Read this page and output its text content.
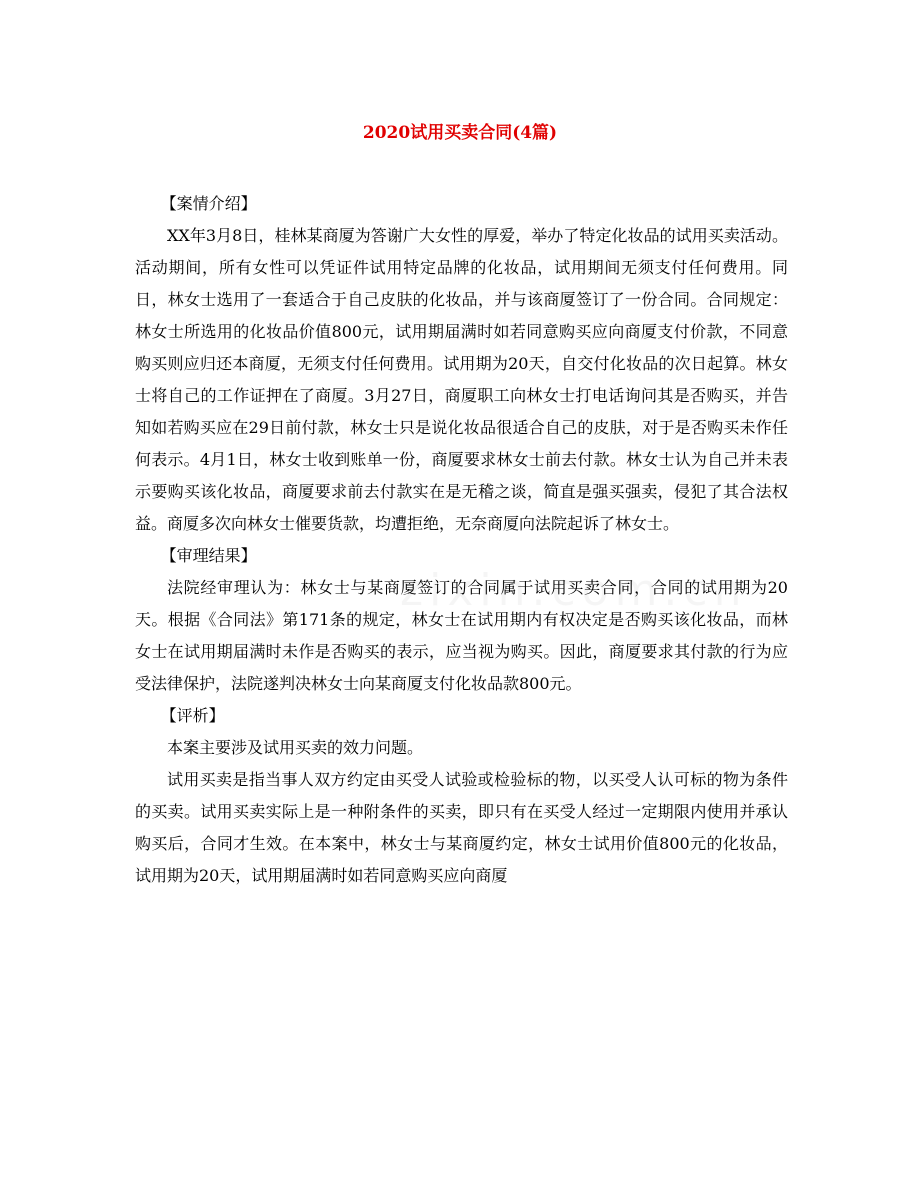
2020试用买卖合同(4篇)

【案情介绍】

XX年3月8日，桂林某商厦为答谢广大女性的厚爱，举办了特定化妆品的试用买卖活动。活动期间，所有女性可以凭证件试用特定品牌的化妆品，试用期间无须支付任何费用。同日，林女士选用了一套适合于自己皮肤的化妆品，并与该商厦签订了一份合同。合同规定：林女士所选用的化妆品价值800元，试用期届满时如若同意购买应向商厦支付价款，不同意购买则应归还本商厦，无须支付任何费用。试用期为20天，自交付化妆品的次日起算。林女士将自己的工作证押在了商厦。3月27日，商厦职工向林女士打电话询问其是否购买，并告知如若购买应在29日前付款，林女士只是说化妆品很适合自己的皮肤，对于是否购买未作任何表示。4月1日，林女士收到账单一份，商厦要求林女士前去付款。林女士认为自己并未表示要购买该化妆品，商厦要求前去付款实在是无稽之谈，简直是强买强卖，侵犯了其合法权益。商厦多次向林女士催要货款，均遭拒绝，无奈商厦向法院起诉了林女士。

【审理结果】

法院经审理认为：林女士与某商厦签订的合同属于试用买卖合同，合同的试用期为20天。根据《合同法》第171条的规定，林女士在试用期内有权决定是否购买该化妆品，而林女士在试用期届满时未作是否购买的表示，应当视为购买。因此，商厦要求其付款的行为应受法律保护，法院遂判决林女士向某商厦支付化妆品款800元。

【评析】

本案主要涉及试用买卖的效力问题。

试用买卖是指当事人双方约定由买受人试验或检验标的物，以买受人认可标的物为条件的买卖。试用买卖实际上是一种附条件的买卖，即只有在买受人经过一定期限内使用并承认购买后，合同才生效。在本案中，林女士与某商厦约定，林女士试用价值800元的化妆品，试用期为20天，试用期届满时如若同意购买应向商厦
